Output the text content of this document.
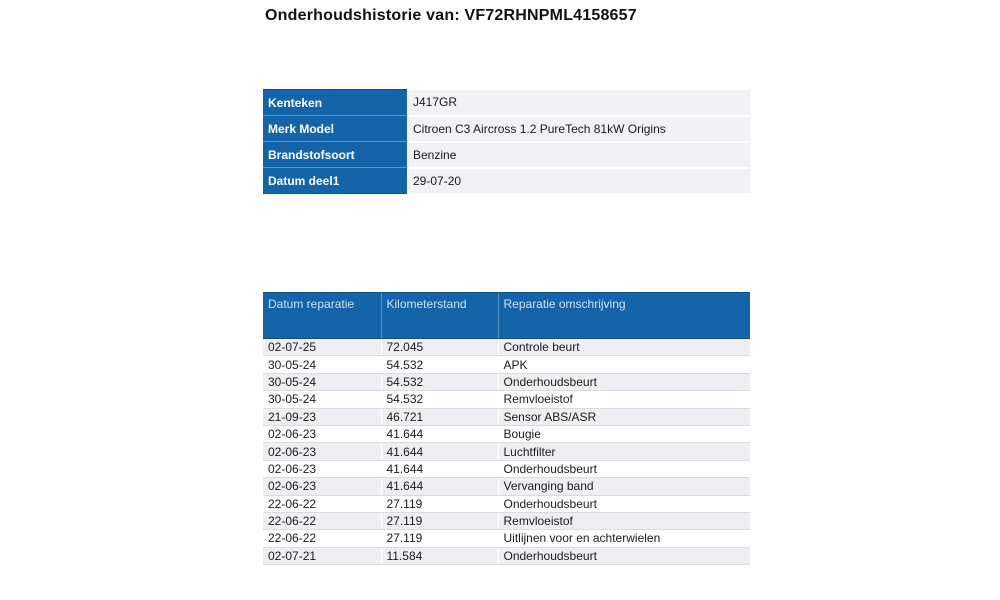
Onderhoudshistorie van: VF72RHNPML4158657
Kenteken	J417GR
Merk Model	Citroen C3 Aircross 1.2 PureTech 81kW Origins
Brandstofsoort	Benzine
Datum deel1	29-07-20
Datum reparatie	Kilometerstand	Reparatie omschrijving
02-07-25	72.045	Controle beurt
30-05-24	54.532	APK
30-05-24	54.532	Onderhoudsbeurt
30-05-24	54.532	Remvloeistof
21-09-23	46.721	Sensor ABS/ASR
02-06-23	41.644	Bougie
02-06-23	41.644	Luchtfilter
02-06-23	41.644	Onderhoudsbeurt
02-06-23	41.644	Vervanging band
22-06-22	27.119	Onderhoudsbeurt
22-06-22	27.119	Remvloeistof
22-06-22	27.119	Uitlijnen voor en achterwielen
02-07-21	11.584	Onderhoudsbeurt
